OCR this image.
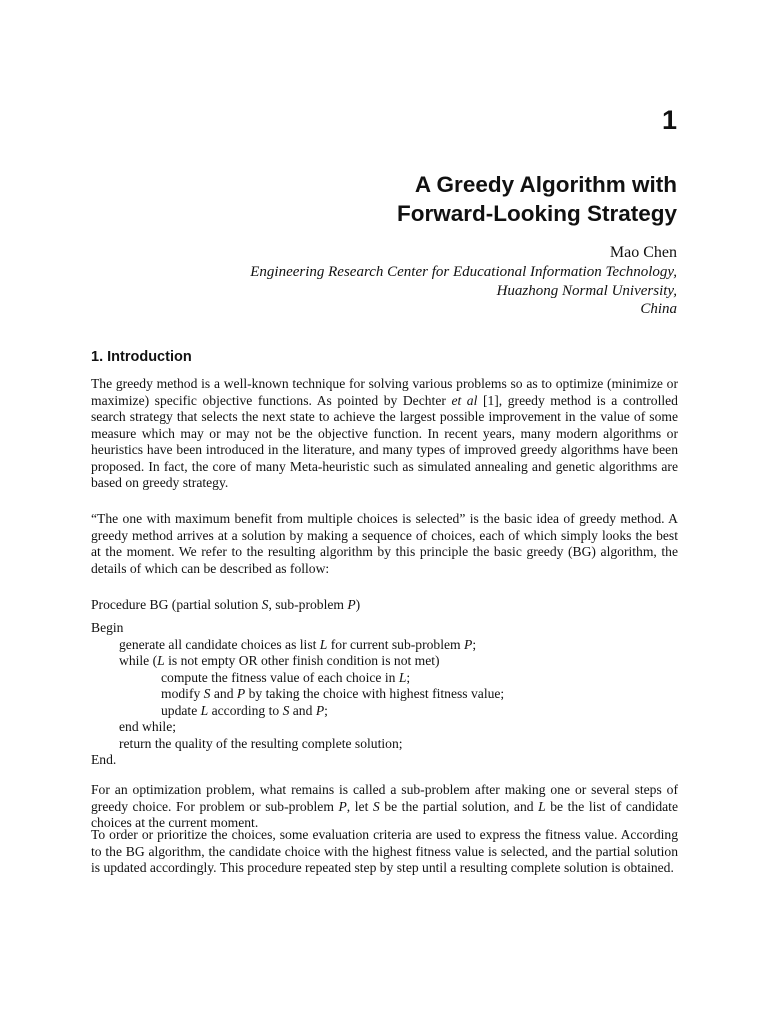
1
A Greedy Algorithm with
Forward-Looking Strategy
Mao Chen
Engineering Research Center for Educational Information Technology,
Huazhong Normal University,
China
1. Introduction

The greedy method is a well-known technique for solving various problems so as to optimize (minimize or maximize) specific objective functions. As pointed by Dechter et al [1], greedy method is a controlled search strategy that selects the next state to achieve the largest possible improvement in the value of some measure which may or may not be the objective function. In recent years, many modern algorithms or heuristics have been introduced in the literature, and many types of improved greedy algorithms have been proposed. In fact, the core of many Meta-heuristic such as simulated annealing and genetic algorithms are based on greedy strategy.

“The one with maximum benefit from multiple choices is selected” is the basic idea of greedy method. A greedy method arrives at a solution by making a sequence of choices, each of which simply looks the best at the moment. We refer to the resulting algorithm by this principle the basic greedy (BG) algorithm, the details of which can be described as follow:

Procedure BG (partial solution S, sub-problem P)
Begin
generate all candidate choices as list L for current sub-problem P;
while (L is not empty OR other finish condition is not met)
compute the fitness value of each choice in L;
modify S and P by taking the choice with highest fitness value;
update L according to S and P;
end while;
return the quality of the resulting complete solution;
End.

For an optimization problem, what remains is called a sub-problem after making one or several steps of greedy choice. For problem or sub-problem P, let S be the partial solution, and L be the list of candidate choices at the current moment.

To order or prioritize the choices, some evaluation criteria are used to express the fitness value. According to the BG algorithm, the candidate choice with the highest fitness value is selected, and the partial solution is updated accordingly. This procedure repeated step by step until a resulting complete solution is obtained.
